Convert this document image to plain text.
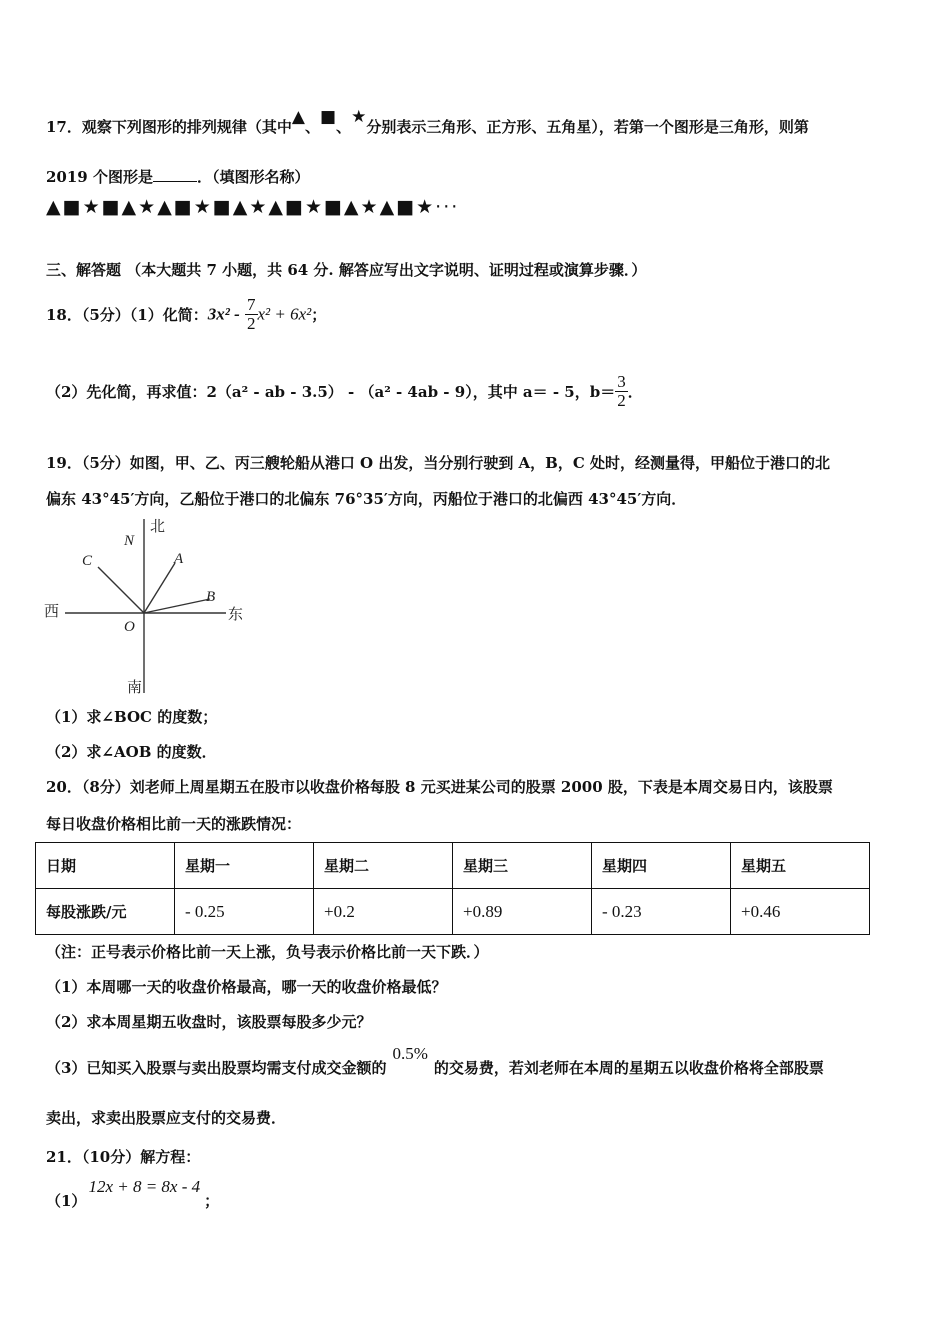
17．观察下列图形的排列规律（其中▲、■、★分别表示三角形、正方形、五角星），若第一个图形是三角形，则第
2019 个图形是	．（填图形名称）
▲■★■▲★▲■★■▲★▲■★■▲★▲■★···
三、解答题 （本大题共 7 小题，共 64 分. 解答应写出文字说明、证明过程或演算步骤．）
18．（5分）（1）化简：$3x^2 - \frac{7}{2} x^2 + 6x^2$；
（2）先化简，再求值：2（a² - ab - 3.5） - （a² - 4ab - 9），其中 a＝ - 5，$b= \frac{3}{2}$ ．
19．（5分）如图，甲、乙、丙三艘轮船从港口 O 出发，当分别行驶到 A，B，C 处时，经测量得，甲船位于港口的北
偏东 43°45′方向，乙船位于港口的北偏东 76°35′方向，丙船位于港口的北偏西 43°45′方向．
北
N
C	A
B
西	东
O
南
（1）求∠BOC 的度数；
（2）求∠AOB 的度数．
20．（8分）刘老师上周星期五在股市以收盘价格每股 8 元买进某公司的股票 2000 股，下表是本周交易日内，该股票
每日收盘价格相比前一天的涨跌情况：
日期	星期一	星期二	星期三	星期四	星期五
每股涨跌/元	- 0.25	+0.2	+0.89	- 0.23	+0.46
（注：正号表示价格比前一天上涨，负号表示价格比前一天下跌．）
（1）本周哪一天的收盘价格最高，哪一天的收盘价格最低？
（2）求本周星期五收盘时，该股票每股多少元？
（3）已知买入股票与卖出股票均需支付成交金额的0.5%的交易费，若刘老师在本周的星期五以收盘价格将全部股票
卖出，求卖出股票应支付的交易费．
21．（10分）解方程：
（1）12x + 8 = 8x - 4；
